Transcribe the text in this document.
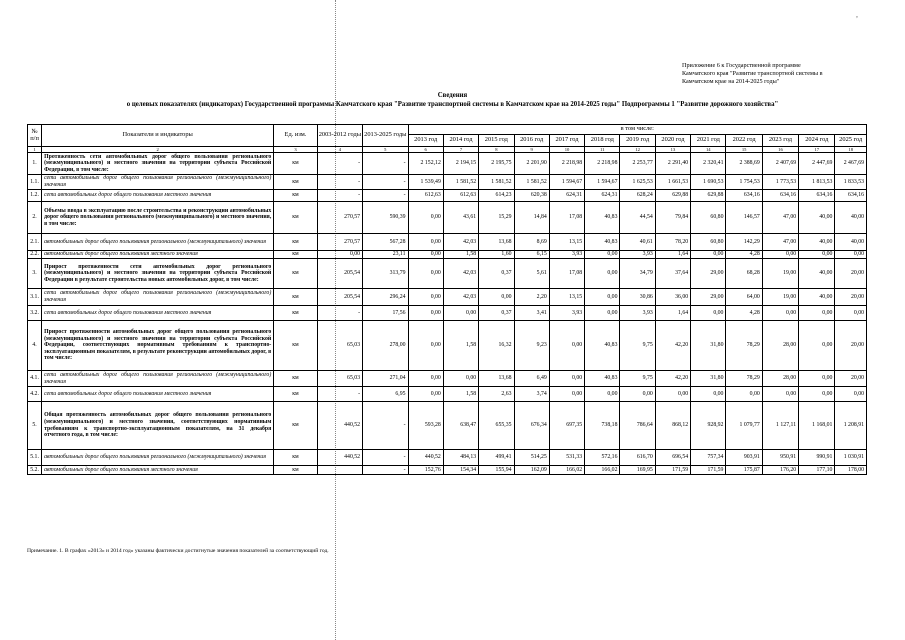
,
Приложение 6 к Государственной программе
Камчатского края "Развитие транспортной системы в
Камчатском крае на 2014-2025 годы"
Сведения
о целевых показателях (индикаторах) Государственной программы Камчатского края "Развитие транспортной системы в Камчатском крае на 2014-2025 годы" Подпрограммы 1 "Развитие дорожного хозяйства"
№ п/п	Показатели и индикаторы	Ед. изм.	2003-2012 годы	2013-2025 годы	в том числе:												
					2013 год	2014 год	2015 год	2016 год	2017 год	2018 год	2019 год	2020 год	2021 год	2022 год	2023 год	2024 год	2025 год
1	2	3	4	5	6	7	8	9	10	11	12	13	14	15	16	17	18
1.	Протяженность сети автомобильных дорог общего пользования регионального (межмуниципального) и местного значения на территории субъекта Российской Федерации, в том числе:	км	-	-	2 152,12	2 194,15	2 195,75	2 201,90	2 218,98	2 218,98	2 253,77	2 291,40	2 320,41	2 388,69	2 407,69	2 447,69	2 467,69
1.1.	сети автомобильных дорог общего пользования регионального (межмуниципального) значения	км	-	-	1 539,49	1 581,52	1 581,52	1 581,52	1 594,67	1 594,67	1 625,53	1 661,53	1 690,53	1 754,53	1 773,53	1 813,53	1 833,53
1.2.	сети автомобильных дорог общего пользования местного значения	км	-	-	612,63	612,63	614,23	620,38	624,31	624,31	628,24	629,88	629,88	634,16	634,16	634,16	634,16
2.	Объемы ввода в эксплуатацию после строительства и реконструкции автомобильных дорог общего пользования регионального (межмуниципального) и местного значения, в том числе:	км	270,57	590,39	0,00	43,61	15,29	14,84	17,08	40,83	44,54	79,84	60,80	146,57	47,00	40,00	40,00
2.1.	автомобильных дорог общего пользования регионального (межмуниципального) значения	км	270,57	567,28	0,00	42,03	13,68	8,69	13,15	40,83	40,61	78,20	60,80	142,29	47,00	40,00	40,00
2.2.	автомобильных дорог общего пользования местного значения	км	0,00	23,11	0,00	1,58	1,60	6,15	3,93	0,00	3,93	1,64	0,00	4,28	0,00	0,00	0,00
3.	Прирост протяженности сети автомобильных дорог регионального (межмуниципального) и местного значения на территории субъекта Российской Федерации в результате строительства новых автомобильных дорог, в том числе:	км	205,54	313,79	0,00	42,03	0,37	5,61	17,08	0,00	34,79	37,64	29,00	68,28	19,00	40,00	20,00
3.1.	сети автомобильных дорог общего пользования регионального (межмуниципального) значения	км	205,54	296,24	0,00	42,03	0,00	2,20	13,15	0,00	30,86	36,00	29,00	64,00	19,00	40,00	20,00
3.2.	сети автомобильных дорог общего пользования местного значения	км	-	17,56	0,00	0,00	0,37	3,41	3,93	0,00	3,93	1,64	0,00	4,28	0,00	0,00	0,00
4.	Прирост протяженности автомобильных дорог общего пользования регионального (межмуниципального) и местного значения на территории субъекта Российской Федерации, соответствующих нормативным требованиям к транспортно-эксплуатационным показателям, в результате реконструкции автомобильных дорог, в том числе:	км	65,03	278,00	0,00	1,58	16,32	9,23	0,00	40,83	9,75	42,20	31,80	78,29	28,00	0,00	20,00
4.1.	сети автомобильных дорог общего пользования регионального (межмуниципального) значения	км	65,03	271,04	0,00	0,00	13,68	6,49	0,00	40,83	9,75	42,20	31,80	78,29	28,00	0,00	20,00
4.2.	сети автомобильных дорог общего пользования местного значения	км	-	6,95	0,00	1,58	2,63	3,74	0,00	0,00	0,00	0,00	0,00	0,00	0,00	0,00	0,00
5.	Общая протяженность автомобильных дорог общего пользования регионального (межмуниципального) и местного значения, соответствующих нормативным требованиям к транспортно-эксплуатационным показателям, на 31 декабря отчетного года, в том числе:	км	440,52	-	593,28	638,47	655,35	676,34	697,35	738,18	786,64	868,12	928,92	1 079,77	1 127,11	1 168,01	1 208,91
5.1.	автомобильных дорог общего пользования регионального (межмуниципального) значения	км	440,52	-	440,52	484,13	499,41	514,25	531,33	572,16	616,70	696,54	757,34	903,91	950,91	990,91	1 030,91
5.2.	автомобильных дорог общего пользования местного значения	км		-	152,76	154,34	155,94	162,09	166,02	166,02	169,95	171,59	171,59	175,87	176,20	177,10	178,00
Примечание. 1. В графах «2013» и 2014 год» указаны фактически достигнутые значения показателей за соответствующий год.
